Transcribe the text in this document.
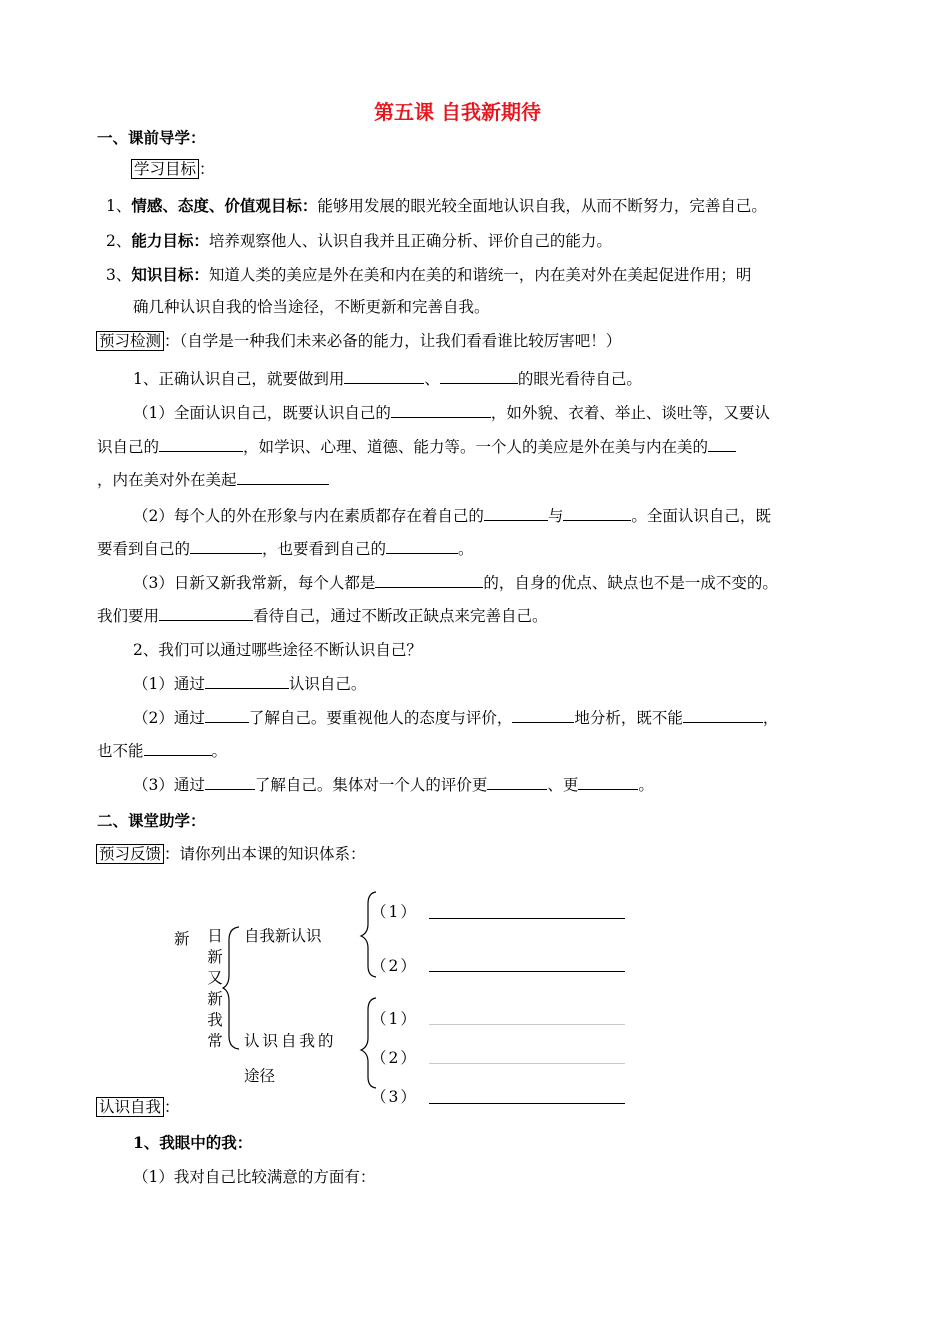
第五课 自我新期待
一、课前导学：
学习目标 ：
1、情感、态度、价值观目标：能够用发展的眼光较全面地认识自我，从而不断努力，完善自己。
2、能力目标：培养观察他人、认识自我并且正确分析、评价自己的能力。
3、知识目标：知道人类的美应是外在美和内在美的和谐统一，内在美对外在美起促进作用；明
确几种认识自我的恰当途径，不断更新和完善自我。
预习检测 ：（自学是一种我们未来必备的能力，让我们看看谁比较厉害吧！）
1、正确认识自己，就要做到用	、	的眼光看待自己。
（1）全面认识自己，既要认识自己的	，如外貌、衣着、举止、谈吐等，又要认
识自己的	，如学识、心理、道德、能力等。一个人的美应是外在美与内在美的
，内在美对外在美起
（2）每个人的外在形象与内在素质都存在着自己的	与	。全面认识自己，既
要看到自己的	，也要看到自己的	。
（3）日新又新我常新，每个人都是	的，自身的优点、缺点也不是一成不变的。
我们要用	看待自己，通过不断改正缺点来完善自己。
2、我们可以通过哪些途径不断认识自己？
（1）通过	认识自己。
（2）通过	了解自己。要重视他人的态度与评价，	地分析，既不能	，
也不能	。
（3）通过	了解自己。集体对一个人的评价更	、更	。
二、课堂助学：
预习反馈 ：请你列出本课的知识体系：
新 日
新
又
新
我
常
自我新认识
认识自我的
途径
（1）
（2）
（1）
（2）
（3）
认识自我 ：
1、我眼中的我：
（1）我对自己比较满意的方面有：
